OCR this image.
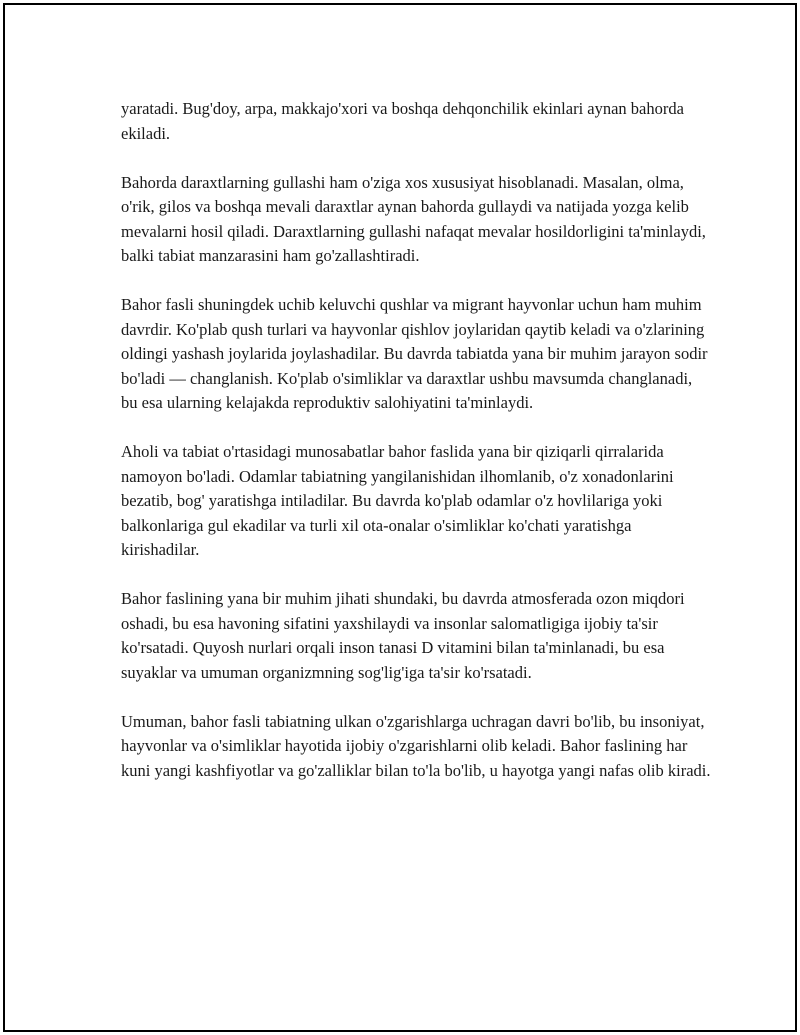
yaratadi. Bug'doy, arpa, makkajo'xori va boshqa dehqonchilik ekinlari aynan bahorda ekiladi.

Bahorda daraxtlarning gullashi ham o'ziga xos xususiyat hisoblanadi. Masalan, olma, o'rik, gilos va boshqa mevali daraxtlar aynan bahorda gullaydi va natijada yozga kelib mevalarni hosil qiladi. Daraxtlarning gullashi nafaqat mevalar hosildorligini ta'minlaydi, balki tabiat manzarasini ham go'zallashtiradi.

Bahor fasli shuningdek uchib keluvchi qushlar va migrant hayvonlar uchun ham muhim davrdir. Ko'plab qush turlari va hayvonlar qishlov joylaridan qaytib keladi va o'zlarining oldingi yashash joylarida joylashadilar. Bu davrda tabiatda yana bir muhim jarayon sodir bo'ladi — changlanish. Ko'plab o'simliklar va daraxtlar ushbu mavsumda changlanadi, bu esa ularning kelajakda reproduktiv salohiyatini ta'minlaydi.

Aholi va tabiat o'rtasidagi munosabatlar bahor faslida yana bir qiziqarli qirralarida namoyon bo'ladi. Odamlar tabiatning yangilanishidan ilhomlanib, o'z xonadonlarini bezatib, bog' yaratishga intiladilar. Bu davrda ko'plab odamlar o'z hovlilariga yoki balkonlariga gul ekadilar va turli xil ota-onalar o'simliklar ko'chati yaratishga kirishadilar.

Bahor faslining yana bir muhim jihati shundaki, bu davrda atmosferada ozon miqdori oshadi, bu esa havoning sifatini yaxshilaydi va insonlar salomatligiga ijobiy ta'sir ko'rsatadi. Quyosh nurlari orqali inson tanasi D vitamini bilan ta'minlanadi, bu esa suyaklar va umuman organizmning sog'lig'iga ta'sir ko'rsatadi.

Umuman, bahor fasli tabiatning ulkan o'zgarishlarga uchragan davri bo'lib, bu insoniyat, hayvonlar va o'simliklar hayotida ijobiy o'zgarishlarni olib keladi. Bahor faslining har kuni yangi kashfiyotlar va go'zalliklar bilan to'la bo'lib, u hayotga yangi nafas olib kiradi.
